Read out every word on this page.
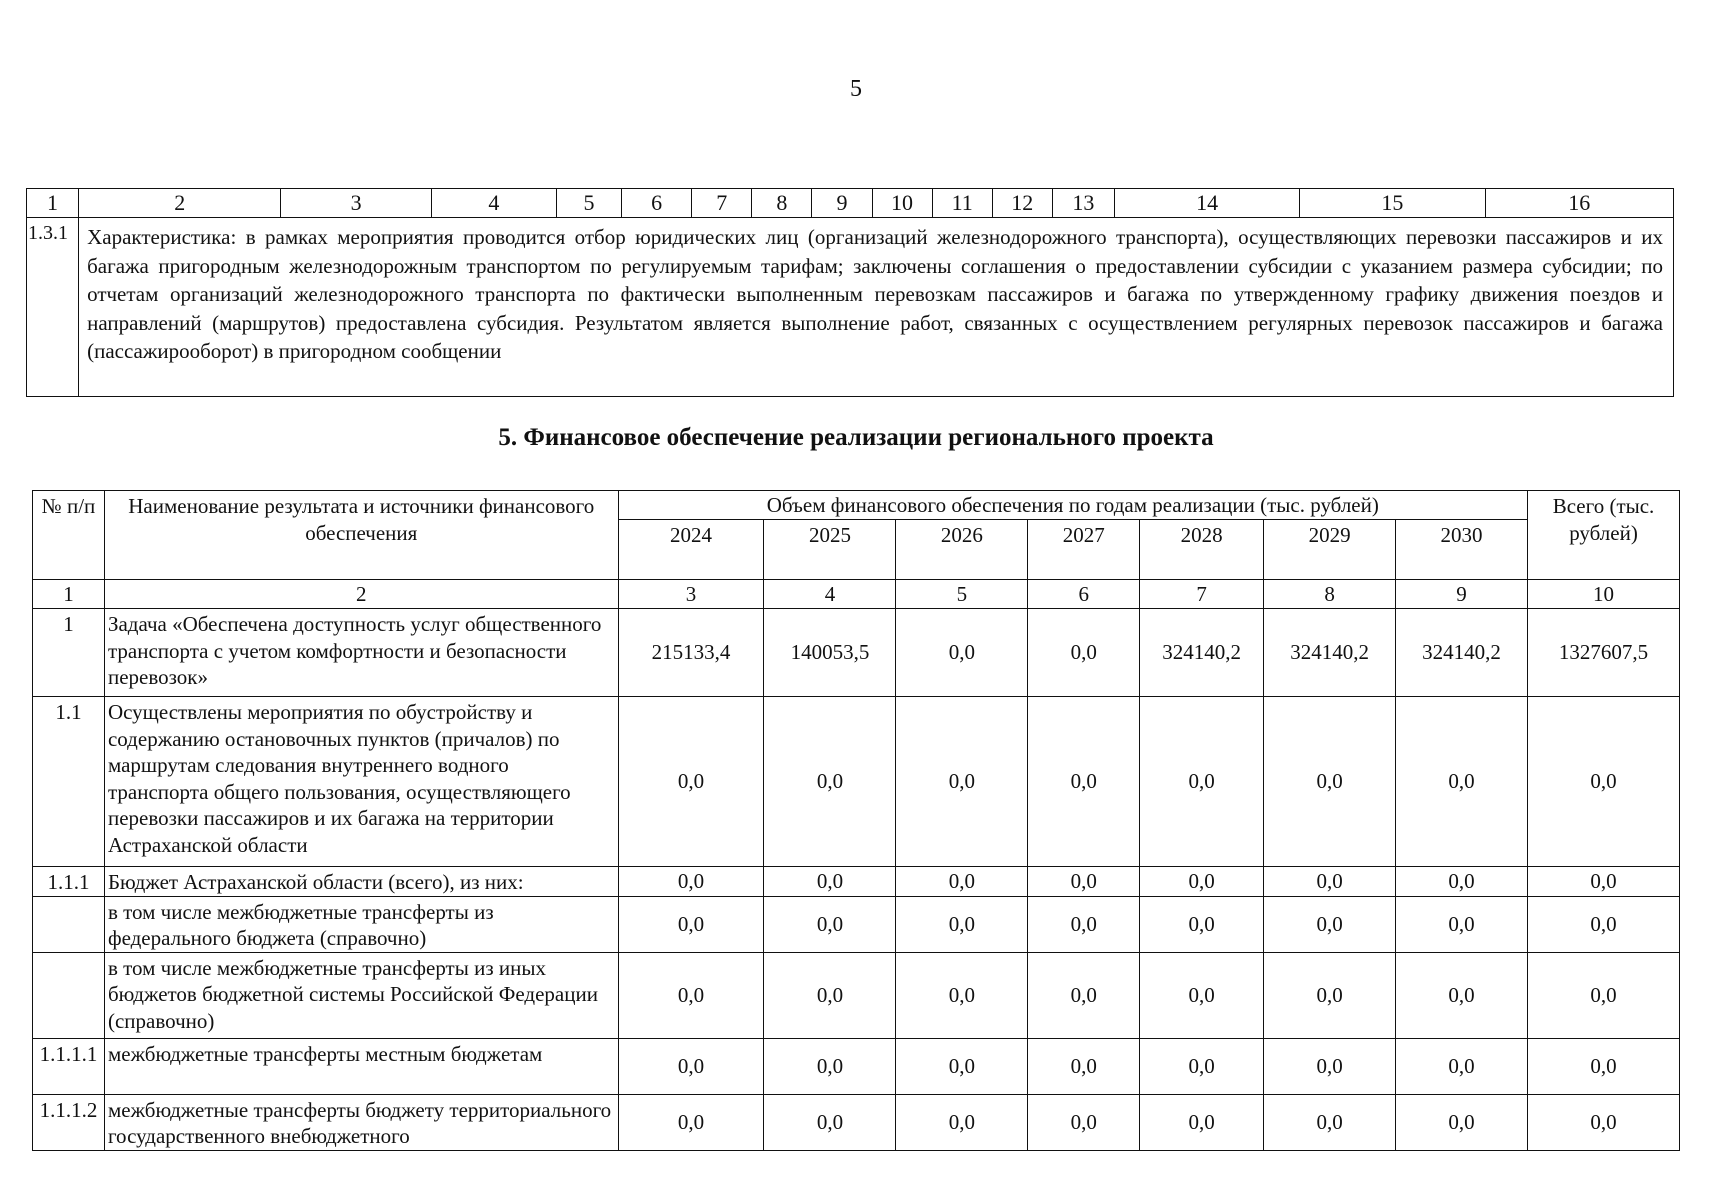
5
1	2	3	4	5	6	7	8	9	10	11	12	13	14	15	16
1.3.1	Характеристика: в рамках мероприятия проводится отбор юридических лиц (организаций железнодорожного транспорта), осуществляющих перевозки пассажиров и их багажа пригородным железнодорожным транспортом по регулируемым тарифам; заключены соглашения о предоставлении субсидии с указанием размера субсидии; по отчетам организаций железнодорожного транспорта по фактически выполненным перевозкам пассажиров и багажа по утвержденному графику движения поездов и направлений (маршрутов) предоставлена субсидия. Результатом является выполнение работ, связанных с осуществлением регулярных перевозок пассажиров и багажа (пассажирооборот) в пригородном сообщении														
5. Финансовое обеспечение реализации регионального проекта
№ п/п	Наименование результата и источники финансового обеспечения	Объем финансового обеспечения по годам реализации (тыс. рублей)							Всего (тыс. рублей)
		2024	2025	2026	2027	2028	2029	2030	
1	2	3	4	5	6	7	8	9	10
1	Задача «Обеспечена доступность услуг общественного транспорта с учетом комфортности и безопасности перевозок»	215133,4	140053,5	0,0	0,0	324140,2	324140,2	324140,2	1327607,5
1.1	Осуществлены мероприятия по обустройству и содержанию остановочных пунктов (причалов) по маршрутам следования внутреннего водного транспорта общего пользования, осуществляющего перевозки пассажиров и их багажа на территории Астраханской области	0,0	0,0	0,0	0,0	0,0	0,0	0,0	0,0
1.1.1	Бюджет Астраханской области (всего), из них:	0,0	0,0	0,0	0,0	0,0	0,0	0,0	0,0
	в том числе межбюджетные трансферты из федерального бюджета (справочно)	0,0	0,0	0,0	0,0	0,0	0,0	0,0	0,0
	в том числе межбюджетные трансферты из иных бюджетов бюджетной системы Российской Федерации (справочно)	0,0	0,0	0,0	0,0	0,0	0,0	0,0	0,0
1.1.1.1	межбюджетные трансферты местным бюджетам	0,0	0,0	0,0	0,0	0,0	0,0	0,0	0,0
1.1.1.2	межбюджетные трансферты бюджету территориального государственного внебюджетного	0,0	0,0	0,0	0,0	0,0	0,0	0,0	0,0
